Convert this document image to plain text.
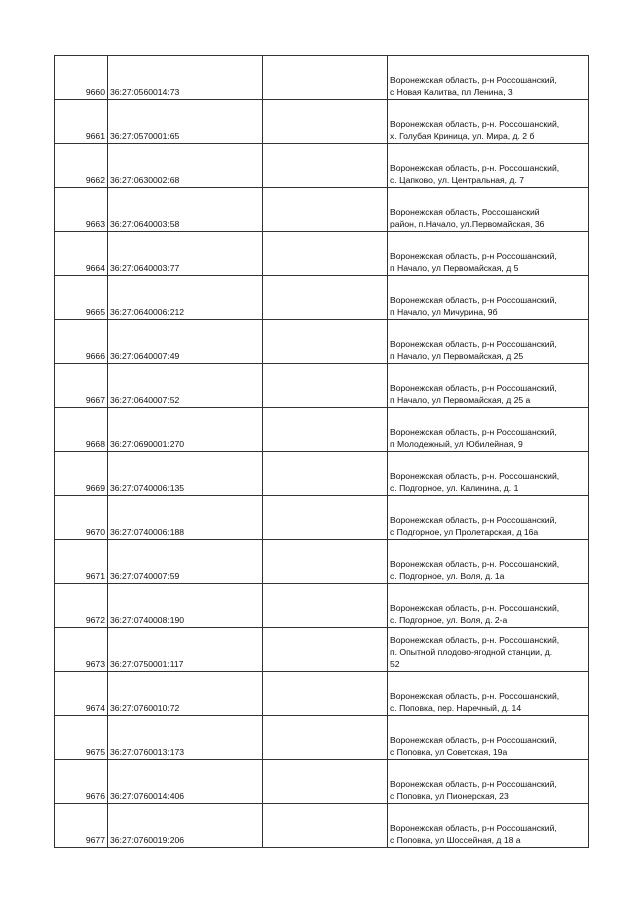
9660	36:27:0560014:73		Воронежская область, р-н Россошанский,
с Новая Калитва, пл Ленина, 3
9661	36:27:0570001:65		Воронежская область, р-н. Россошанский,
х. Голубая Криница, ул. Мира, д. 2 б
9662	36:27:0630002:68		Воронежская область, р-н. Россошанский,
с. Цапково, ул. Центральная, д. 7
9663	36:27:0640003:58		Воронежская область, Россошанский
район, п.Начало, ул.Первомайская, 36
9664	36:27:0640003:77		Воронежская область, р-н Россошанский,
п Начало, ул Первомайская, д 5
9665	36:27:0640006:212		Воронежская область, р-н Россошанский,
п Начало, ул Мичурина, 9б
9666	36:27:0640007:49		Воронежская область, р-н Россошанский,
п Начало, ул Первомайская, д 25
9667	36:27:0640007:52		Воронежская область, р-н Россошанский,
п Начало, ул Первомайская, д 25 а
9668	36:27:0690001:270		Воронежская область, р-н Россошанский,
п Молодежный, ул Юбилейная, 9
9669	36:27:0740006:135		Воронежская область, р-н. Россошанский,
с. Подгорное, ул. Калинина, д. 1
9670	36:27:0740006:188		Воронежская область, р-н Россошанский,
с Подгорное, ул Пролетарская, д 16а
9671	36:27:0740007:59		Воронежская область, р-н. Россошанский,
с. Подгорное, ул. Воля, д. 1а
9672	36:27:0740008:190		Воронежская область, р-н. Россошанский,
с. Подгорное, ул. Воля, д. 2-а
9673	36:27:0750001:117		Воронежская область, р-н. Россошанский,
п. Опытной плодово-ягодной станции, д.
52
9674	36:27:0760010:72		Воронежская область, р-н. Россошанский,
с. Поповка, пер. Наречный, д. 14
9675	36:27:0760013:173		Воронежская область, р-н Россошанский,
с Поповка, ул Советская, 19а
9676	36:27:0760014:406		Воронежская область, р-н Россошанский,
с Поповка, ул Пионерская, 23
9677	36:27:0760019:206		Воронежская область, р-н Россошанский,
с Поповка, ул Шоссейная, д 18 а
